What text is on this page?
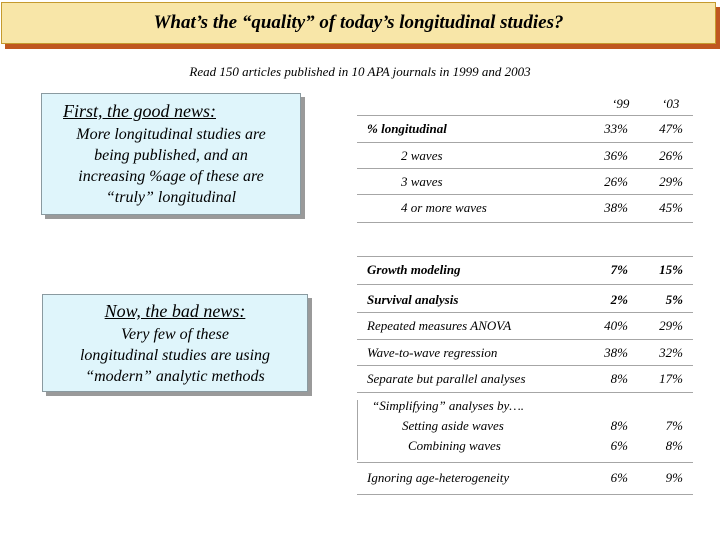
What’s the “quality” of today’s longitudinal studies?
Read 150 articles published in 10 APA journals in 1999 and 2003
First, the good news:
More longitudinal studies are
being published, and an
increasing %age of these are
“truly” longitudinal
Now, the bad news:
Very few of these
longitudinal studies are using
“modern” analytic methods
‘99	‘03
% longitudinal	33%	47%
2 waves	36%	26%
3 waves	26%	29%
4 or more waves	38%	45%
Growth modeling	7%	15%
Survival analysis	2%	5%
Repeated measures ANOVA	40%	29%
Wave-to-wave regression	38%	32%
Separate but parallel analyses	8%	17%
“Simplifying” analyses by….
Setting aside waves	8%	7%
Combining waves	6%	8%
Ignoring age-heterogeneity	6%	9%
